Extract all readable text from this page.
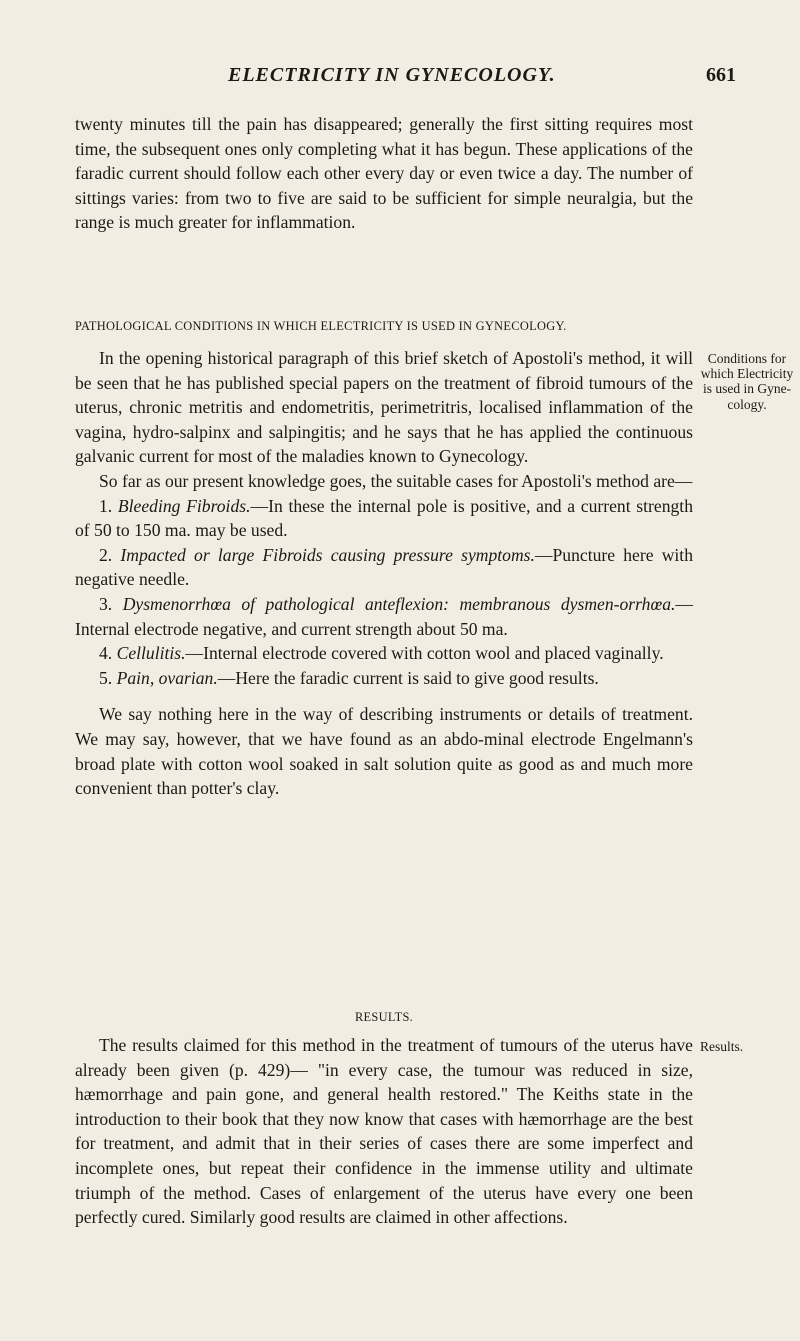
ELECTRICITY IN GYNECOLOGY.	661

twenty minutes till the pain has disappeared; generally the first sitting requires most time, the subsequent ones only completing what it has begun. These applications of the faradic current should follow each other every day or even twice a day. The number of sittings varies: from two to five are said to be sufficient for simple neuralgia, but the range is much greater for inflammation.

PATHOLOGICAL CONDITIONS IN WHICH ELECTRICITY IS USED IN GYNECOLOGY.
Conditions for which Electricity is used in Gyne-cology.

In the opening historical paragraph of this brief sketch of Apostoli's method, it will be seen that he has published special papers on the treatment of fibroid tumours of the uterus, chronic metritis and endometritis, perimetritris, localised inflammation of the vagina, hydro-salpinx and salpingitis; and he says that he has applied the continuous galvanic current for most of the maladies known to Gynecology.

So far as our present knowledge goes, the suitable cases for Apostoli's method are—

1. Bleeding Fibroids.—In these the internal pole is positive, and a current strength of 50 to 150 ma. may be used.

2. Impacted or large Fibroids causing pressure symptoms.—Puncture here with negative needle.

3. Dysmenorrhœa of pathological anteflexion: membranous dysmen-orrhœa.—Internal electrode negative, and current strength about 50 ma.

4. Cellulitis.—Internal electrode covered with cotton wool and placed vaginally.

5. Pain, ovarian.—Here the faradic current is said to give good results.

We say nothing here in the way of describing instruments or details of treatment. We may say, however, that we have found as an abdo-minal electrode Engelmann's broad plate with cotton wool soaked in salt solution quite as good as and much more convenient than potter's clay.

RESULTS.
Results.

The results claimed for this method in the treatment of tumours of the uterus have already been given (p. 429)— "in every case, the tumour was reduced in size, hæmorrhage and pain gone, and general health restored." The Keiths state in the introduction to their book that they now know that cases with hæmorrhage are the best for treatment, and admit that in their series of cases there are some imperfect and incomplete ones, but repeat their confidence in the immense utility and ultimate triumph of the method. Cases of enlargement of the uterus have every one been perfectly cured. Similarly good results are claimed in other affections.
